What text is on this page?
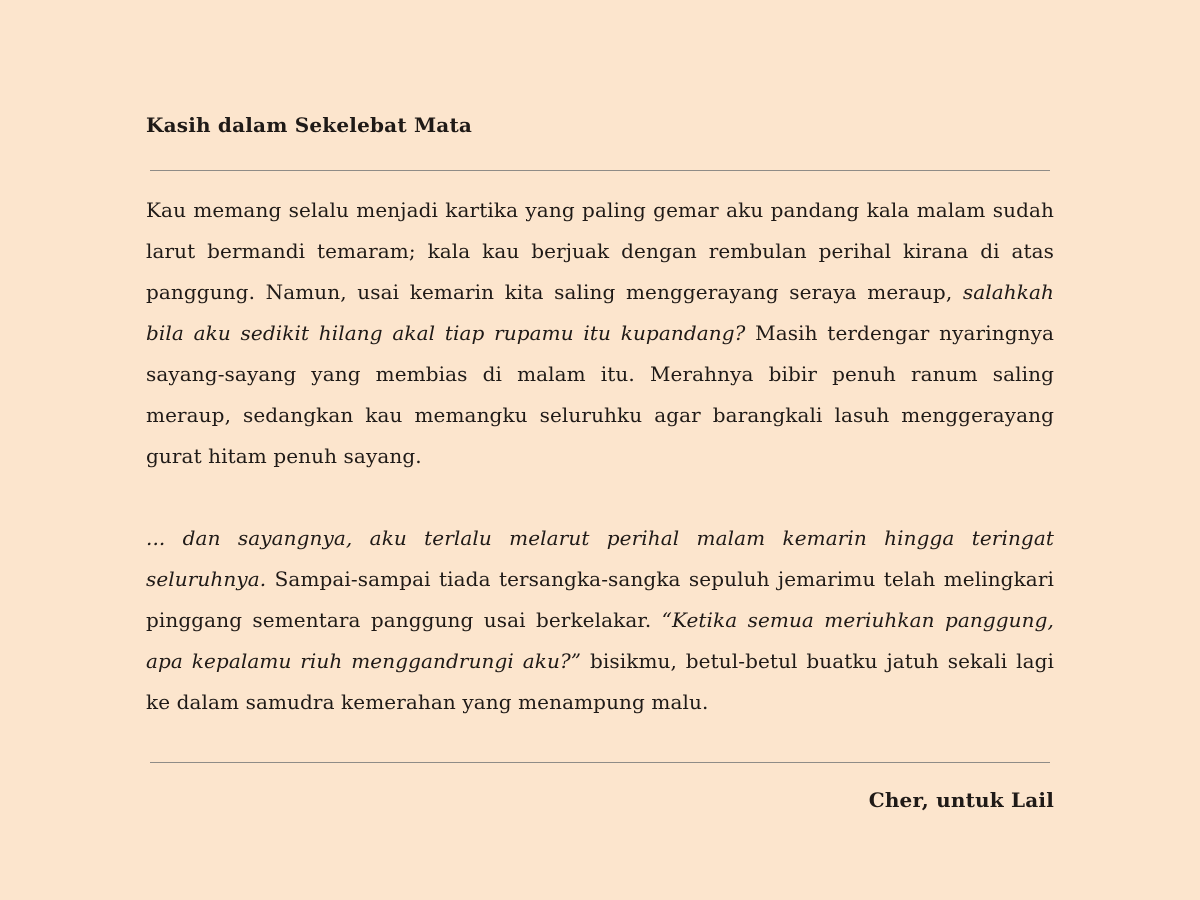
Kasih dalam Sekelebat Mata

Kau memang selalu menjadi kartika yang paling gemar aku pandang kala malam sudah larut bermandi temaram; kala kau berjuak dengan rembulan perihal kirana di atas panggung. Namun, usai kemarin kita saling menggerayang seraya meraup, salahkah bila aku sedikit hilang akal tiap rupamu itu kupandang? Masih terdengar nyaringnya sayang-sayang yang membias di malam itu. Merahnya bibir penuh ranum saling meraup, sedangkan kau memangku seluruhku agar barangkali lasuh menggerayang gurat hitam penuh sayang.

... dan sayangnya, aku terlalu melarut perihal malam kemarin hingga teringat seluruhnya. Sampai-sampai tiada tersangka-sangka sepuluh jemarimu telah melingkari pinggang sementara panggung usai berkelakar. “Ketika semua meriuhkan panggung, apa kepalamu riuh menggandrungi aku?” bisikmu, betul-betul buatku jatuh sekali lagi ke dalam samudra kemerahan yang menampung malu.

Cher, untuk Lail
